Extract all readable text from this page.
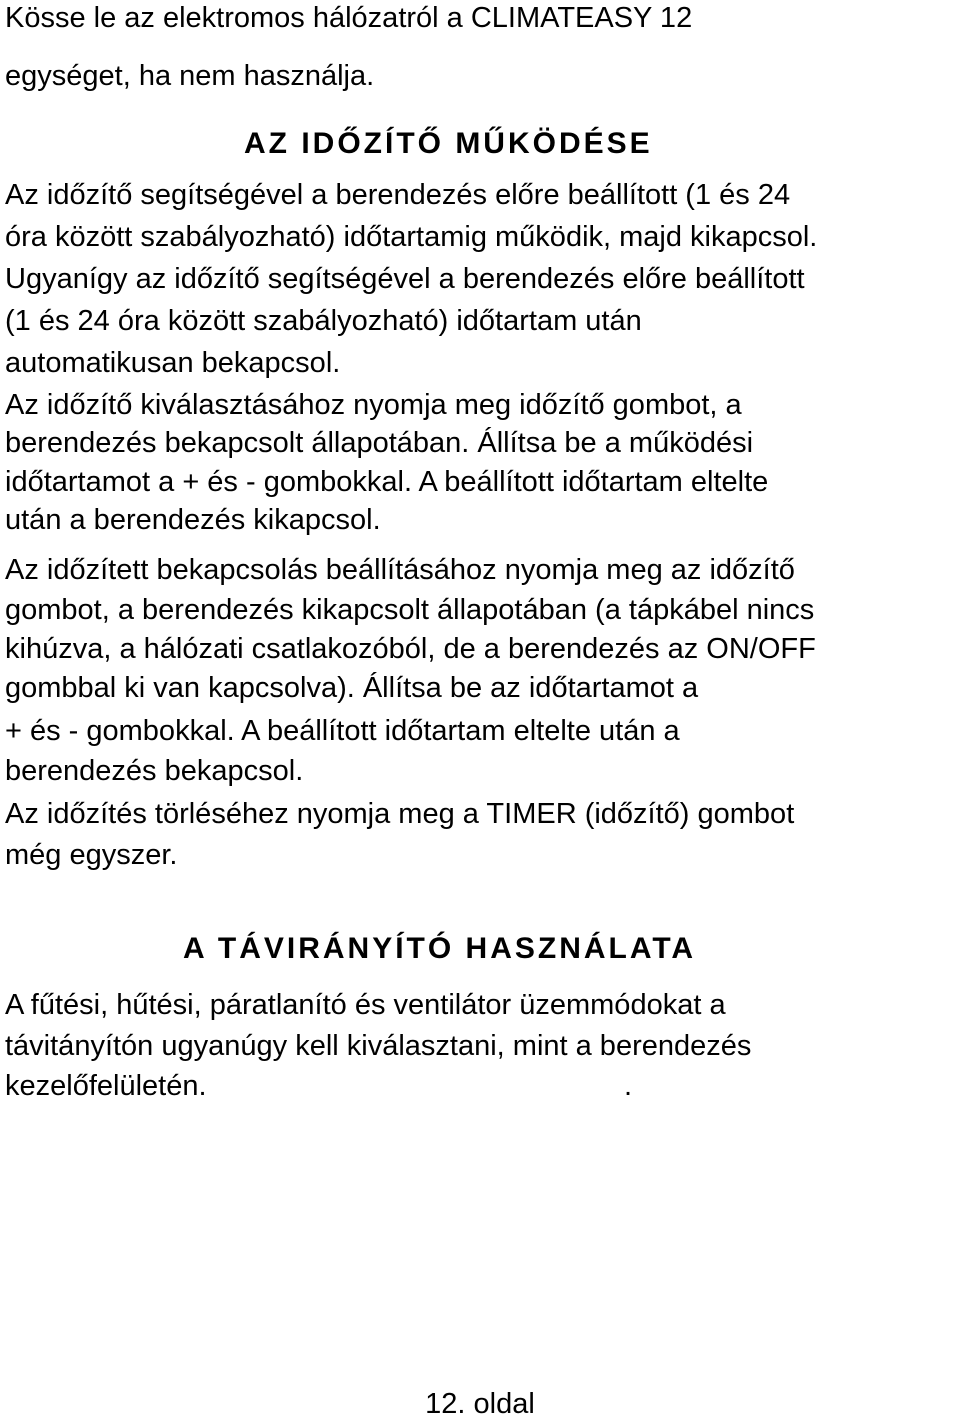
Kösse le az elektromos hálózatról a CLIMATEASY 12

egységet, ha nem használja.

AZ IDŐZÍTŐ MŰKÖDÉSE

Az időzítő segítségével a berendezés előre beállított (1 és 24

óra között szabályozható) időtartamig működik, majd kikapcsol.

Ugyanígy az időzítő segítségével a berendezés előre beállított

(1 és 24 óra között szabályozható) időtartam után

automatikusan bekapcsol.

Az időzítő kiválasztásához nyomja meg időzítő gombot, a

berendezés bekapcsolt állapotában. Állítsa be a működési

időtartamot a + és - gombokkal. A beállított időtartam eltelte

után a berendezés kikapcsol.

Az időzített bekapcsolás beállításához nyomja meg az időzítő

gombot, a berendezés kikapcsolt állapotában (a tápkábel nincs

kihúzva, a hálózati csatlakozóból, de a berendezés az ON/OFF

gombbal ki van kapcsolva). Állítsa be az időtartamot a

+ és - gombokkal. A beállított időtartam eltelte után a

berendezés bekapcsol.

Az időzítés törléséhez nyomja meg a TIMER (időzítő) gombot

még egyszer.

A TÁVIRÁNYÍTÓ HASZNÁLATA

A fűtési, hűtési, páratlanító és ventilátor üzemmódokat a

távitányítón ugyanúgy kell kiválasztani, mint a berendezés

kezelőfelületén.	.
12. oldal
